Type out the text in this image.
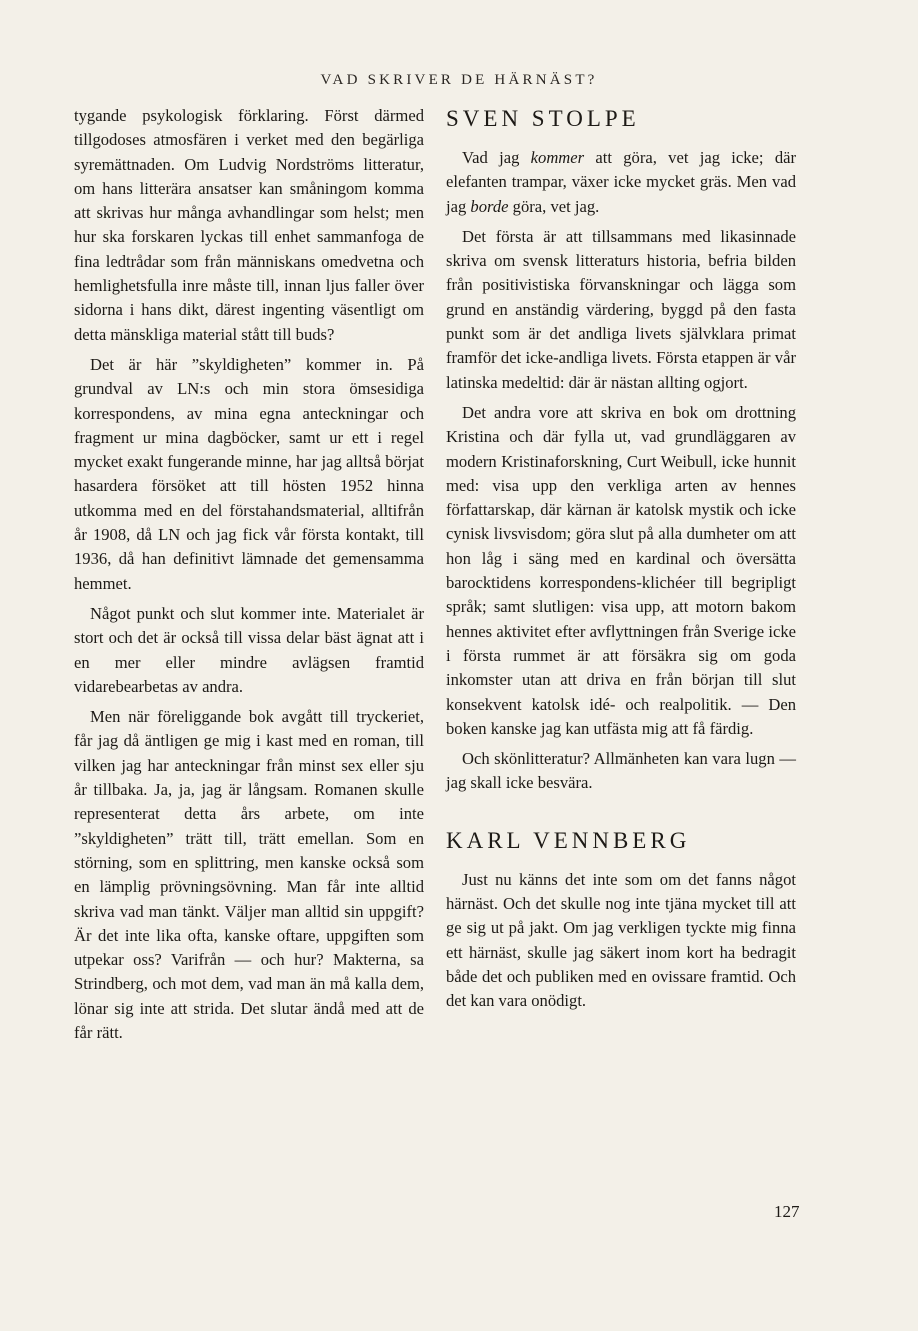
VAD SKRIVER DE HÄRNÄST?

tygande psykologisk förklaring. Först därmed tillgodoses atmosfären i verket med den begärliga syremättnaden. Om Ludvig Nordströms litteratur, om hans litterära ansatser kan småningom komma att skrivas hur många avhandlingar som helst; men hur ska forskaren lyckas till enhet sammanfoga de fina ledtrådar som från människans omedvetna och hemlighetsfulla inre måste till, innan ljus faller över sidorna i hans dikt, därest ingenting väsentligt om detta mänskliga material stått till buds?

Det är här ”skyldigheten” kommer in. På grundval av LN:s och min stora ömsesidiga korrespondens, av mina egna anteckningar och fragment ur mina dagböcker, samt ur ett i regel mycket exakt fungerande minne, har jag alltså börjat hasardera försöket att till hösten 1952 hinna utkomma med en del förstahandsmaterial, alltifrån år 1908, då LN och jag fick vår första kontakt, till 1936, då han definitivt lämnade det gemensamma hemmet.

Något punkt och slut kommer inte. Materialet är stort och det är också till vissa delar bäst ägnat att i en mer eller mindre avlägsen framtid vidarebearbetas av andra.

Men när föreliggande bok avgått till tryckeriet, får jag då äntligen ge mig i kast med en roman, till vilken jag har anteckningar från minst sex eller sju år tillbaka. Ja, ja, jag är långsam. Romanen skulle representerat detta års arbete, om inte ”skyldigheten” trätt till, trätt emellan. Som en störning, som en splittring, men kanske också som en lämplig prövningsövning. Man får inte alltid skriva vad man tänkt. Väljer man alltid sin uppgift? Är det inte lika ofta, kanske oftare, uppgiften som utpekar oss? Varifrån — och hur? Makterna, sa Strindberg, och mot dem, vad man än må kalla dem, lönar sig inte att strida. Det slutar ändå med att de får rätt.

SVEN STOLPE

Vad jag kommer att göra, vet jag icke; där elefanten trampar, växer icke mycket gräs. Men vad jag borde göra, vet jag.

Det första är att tillsammans med likasinnade skriva om svensk litteraturs historia, befria bilden från positivistiska förvanskningar och lägga som grund en anständig värdering, byggd på den fasta punkt som är det andliga livets självklara primat framför det icke-andliga livets. Första etappen är vår latinska medeltid: där är nästan allting ogjort.

Det andra vore att skriva en bok om drottning Kristina och där fylla ut, vad grundläggaren av modern Kristinaforskning, Curt Weibull, icke hunnit med: visa upp den verkliga arten av hennes författarskap, där kärnan är katolsk mystik och icke cynisk livsvisdom; göra slut på alla dumheter om att hon låg i säng med en kardinal och översätta barocktidens korrespondens-klichéer till begripligt språk; samt slutligen: visa upp, att motorn bakom hennes aktivitet efter avflyttningen från Sverige icke i första rummet är att försäkra sig om goda inkomster utan att driva en från början till slut konsekvent katolsk idé- och realpolitik. — Den boken kanske jag kan utfästa mig att få färdig.

Och skönlitteratur? Allmänheten kan vara lugn — jag skall icke besvära.

KARL VENNBERG

Just nu känns det inte som om det fanns något härnäst. Och det skulle nog inte tjäna mycket till att ge sig ut på jakt. Om jag verkligen tyckte mig finna ett härnäst, skulle jag säkert inom kort ha bedragit både det och publiken med en ovissare framtid. Och det kan vara onödigt.

127
